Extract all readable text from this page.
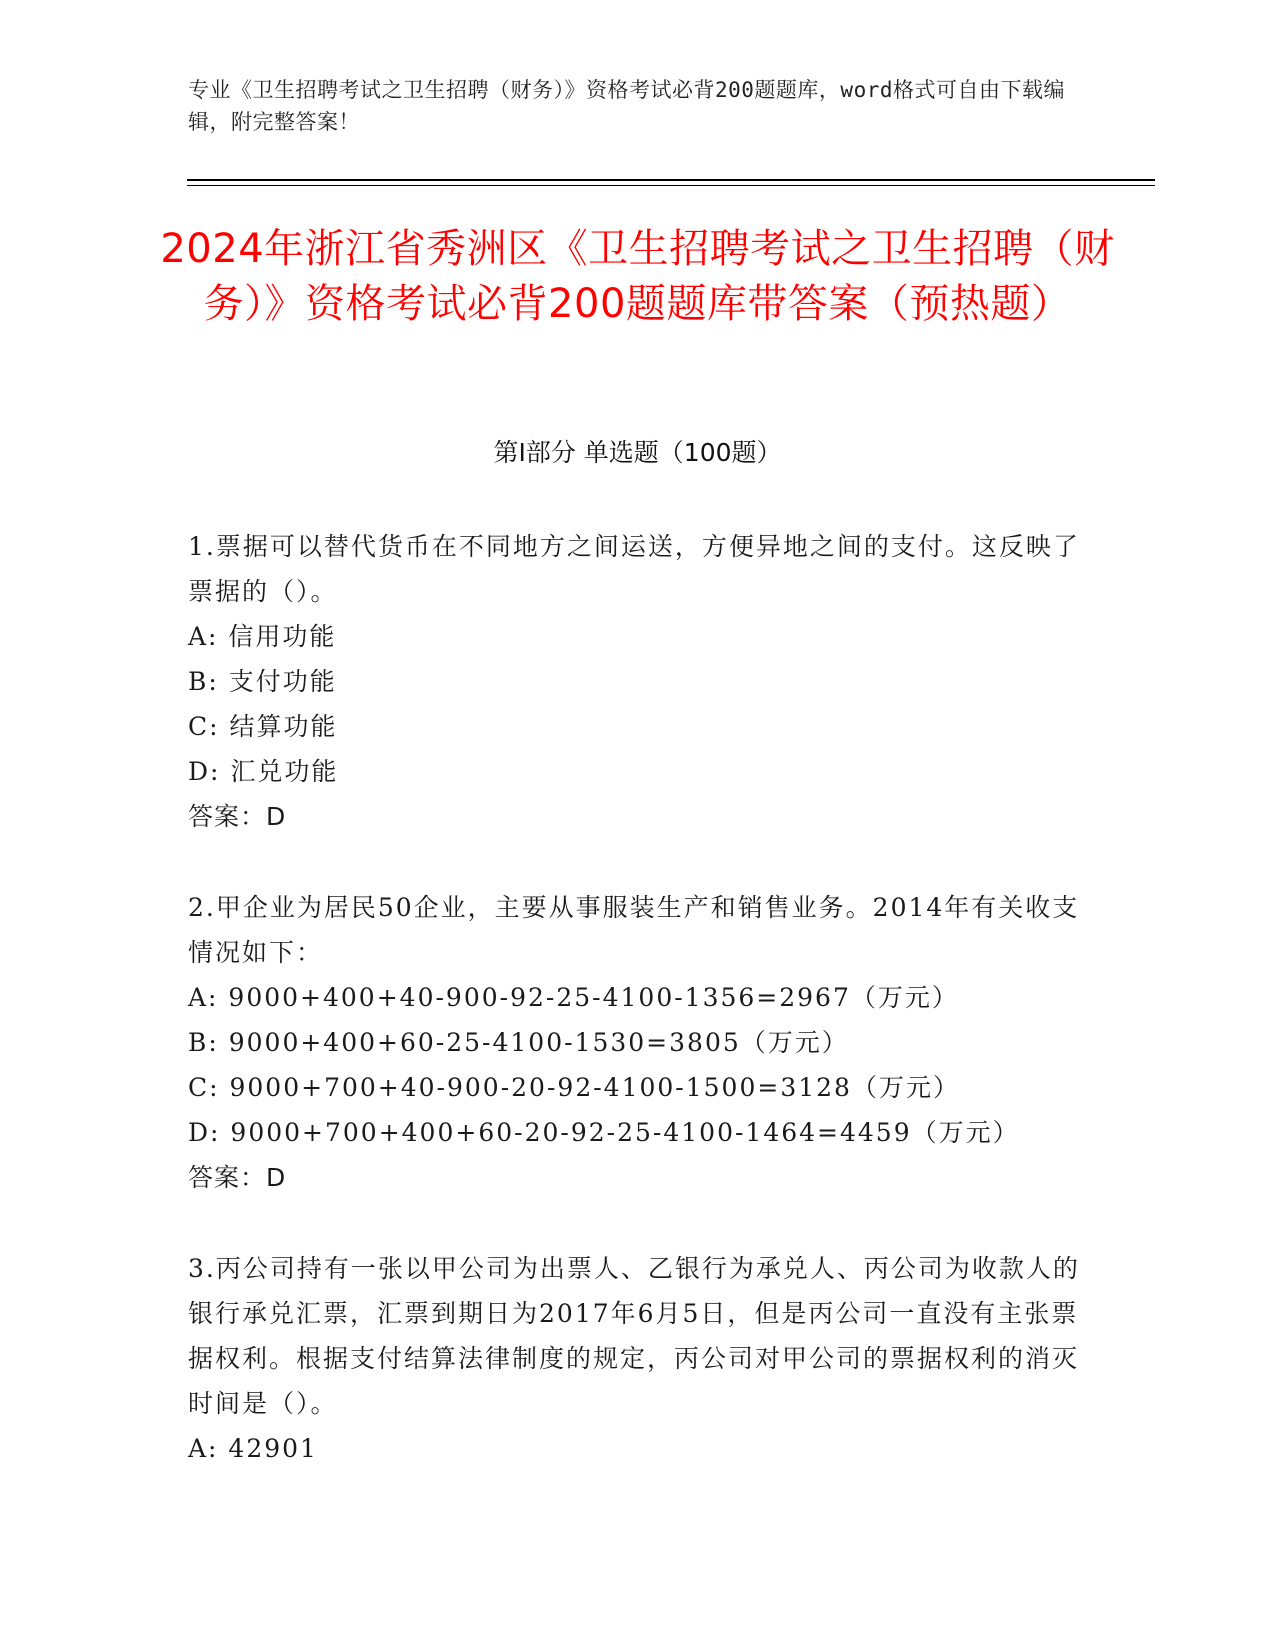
专业《卫生招聘考试之卫生招聘（财务）》资格考试必背200题题库，word格式可自由下载编辑，附完整答案！
2024年浙江省秀洲区《卫生招聘考试之卫生招聘（财务）》资格考试必背200题题库带答案（预热题）
第I部分 单选题（100题）
1.票据可以替代货币在不同地方之间运送，方便异地之间的支付。这反映了票据的（）。
A: 信用功能
B: 支付功能
C: 结算功能
D: 汇兑功能
答案：D
2.甲企业为居民50企业，主要从事服装生产和销售业务。2014年有关收支情况如下：
A: 9000+400+40-900-92-25-4100-1356=2967（万元）
B: 9000+400+60-25-4100-1530=3805（万元）
C: 9000+700+40-900-20-92-4100-1500=3128（万元）
D: 9000+700+400+60-20-92-25-4100-1464=4459（万元）
答案：D
3.丙公司持有一张以甲公司为出票人、乙银行为承兑人、丙公司为收款人的银行承兑汇票，汇票到期日为2017年6月5日，但是丙公司一直没有主张票据权利。根据支付结算法律制度的规定，丙公司对甲公司的票据权利的消灭时间是（）。
A: 42901
